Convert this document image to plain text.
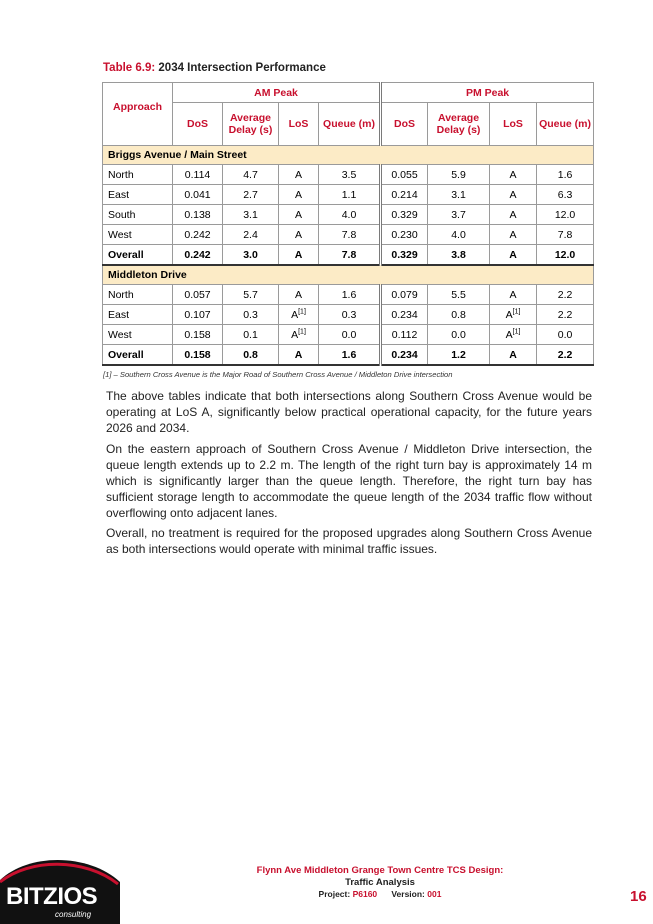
Table 6.9: 2034 Intersection Performance
Approach	AM Peak				PM Peak			
	DoS	Average Delay (s)	LoS	Queue (m)	DoS	Average Delay (s)	LoS	Queue (m)
Briggs Avenue / Main Street								
North	0.114	4.7	A	3.5	0.055	5.9	A	1.6
East	0.041	2.7	A	1.1	0.214	3.1	A	6.3
South	0.138	3.1	A	4.0	0.329	3.7	A	12.0
West	0.242	2.4	A	7.8	0.230	4.0	A	7.8
Overall	0.242	3.0	A	7.8	0.329	3.8	A	12.0
Middleton Drive								
North	0.057	5.7	A	1.6	0.079	5.5	A	2.2
East	0.107	0.3	A[1]	0.3	0.234	0.8	A[1]	2.2
West	0.158	0.1	A[1]	0.0	0.112	0.0	A[1]	0.0
Overall	0.158	0.8	A	1.6	0.234	1.2	A	2.2
[1] – Southern Cross Avenue is the Major Road of Southern Cross Avenue / Middleton Drive intersection

The above tables indicate that both intersections along Southern Cross Avenue would be operating at LoS A, significantly below practical operational capacity, for the future years 2026 and 2034.

On the eastern approach of Southern Cross Avenue / Middleton Drive intersection, the queue length extends up to 2.2 m. The length of the right turn bay is approximately 14 m which is significantly larger than the queue length. Therefore, the right turn bay has sufficient storage length to accommodate the queue length of the 2034 traffic flow without overflowing onto adjacent lanes.

Overall, no treatment is required for the proposed upgrades along Southern Cross Avenue as both intersections would operate with minimal traffic issues.

BITZIOS
consulting
Flynn Ave Middleton Grange Town Centre TCS Design:
Traffic Analysis
Project: P6160 Version: 001	16
